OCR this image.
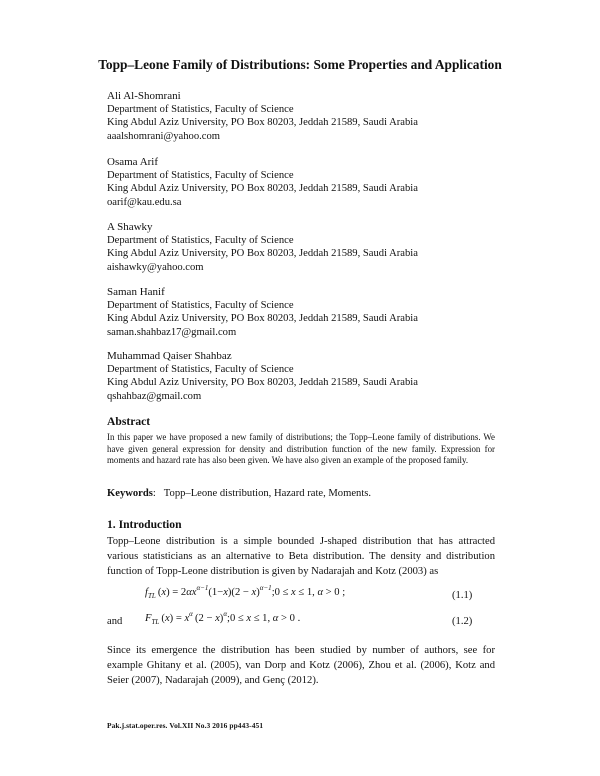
Topp–Leone Family of Distributions: Some Properties and Application
Ali Al-Shomrani
Department of Statistics, Faculty of Science
King Abdul Aziz University, PO Box 80203, Jeddah 21589, Saudi Arabia
aaalshomrani@yahoo.com
Osama Arif
Department of Statistics, Faculty of Science
King Abdul Aziz University, PO Box 80203, Jeddah 21589, Saudi Arabia
oarif@kau.edu.sa
A Shawky
Department of Statistics, Faculty of Science
King Abdul Aziz University, PO Box 80203, Jeddah 21589, Saudi Arabia
aishawky@yahoo.com
Saman Hanif
Department of Statistics, Faculty of Science
King Abdul Aziz University, PO Box 80203, Jeddah 21589, Saudi Arabia
saman.shahbaz17@gmail.com
Muhammad Qaiser Shahbaz
Department of Statistics, Faculty of Science
King Abdul Aziz University, PO Box 80203, Jeddah 21589, Saudi Arabia
qshahbaz@gmail.com
Abstract
In this paper we have proposed a new family of distributions; the Topp–Leone family of distributions. We have given general expression for density and distribution function of the new family. Expression for moments and hazard rate has also been given. We have also given an example of the proposed family.
Keywords:   Topp–Leone distribution, Hazard rate, Moments.
1. Introduction
Topp–Leone distribution is a simple bounded J-shaped distribution that has attracted various statisticians as an alternative to Beta distribution. The density and distribution function of Topp-Leone distribution is given by Nadarajah and Kotz (2003) as
$f_{TL}$  $(x) = 2\alpha x^{\alpha-1}(1-x)(2$ − $x)^{\alpha-1};0 \le x \le 1$, α > 0 ;	(1.1)
and $F_{TL}$  $(x) = x^\alpha$  $(2 - x)^\alpha;0 \le x \le 1$, α > 0 .	(1.2)
Since its emergence the distribution has been studied by number of authors, see for example Ghitany et al. (2005), van Dorp and Kotz (2006), Zhou et al. (2006), Kotz and Seier (2007), Nadarajah (2009), and Genç (2012).
Pak.j.stat.oper.res. Vol.XII No.3 2016 pp443-451
